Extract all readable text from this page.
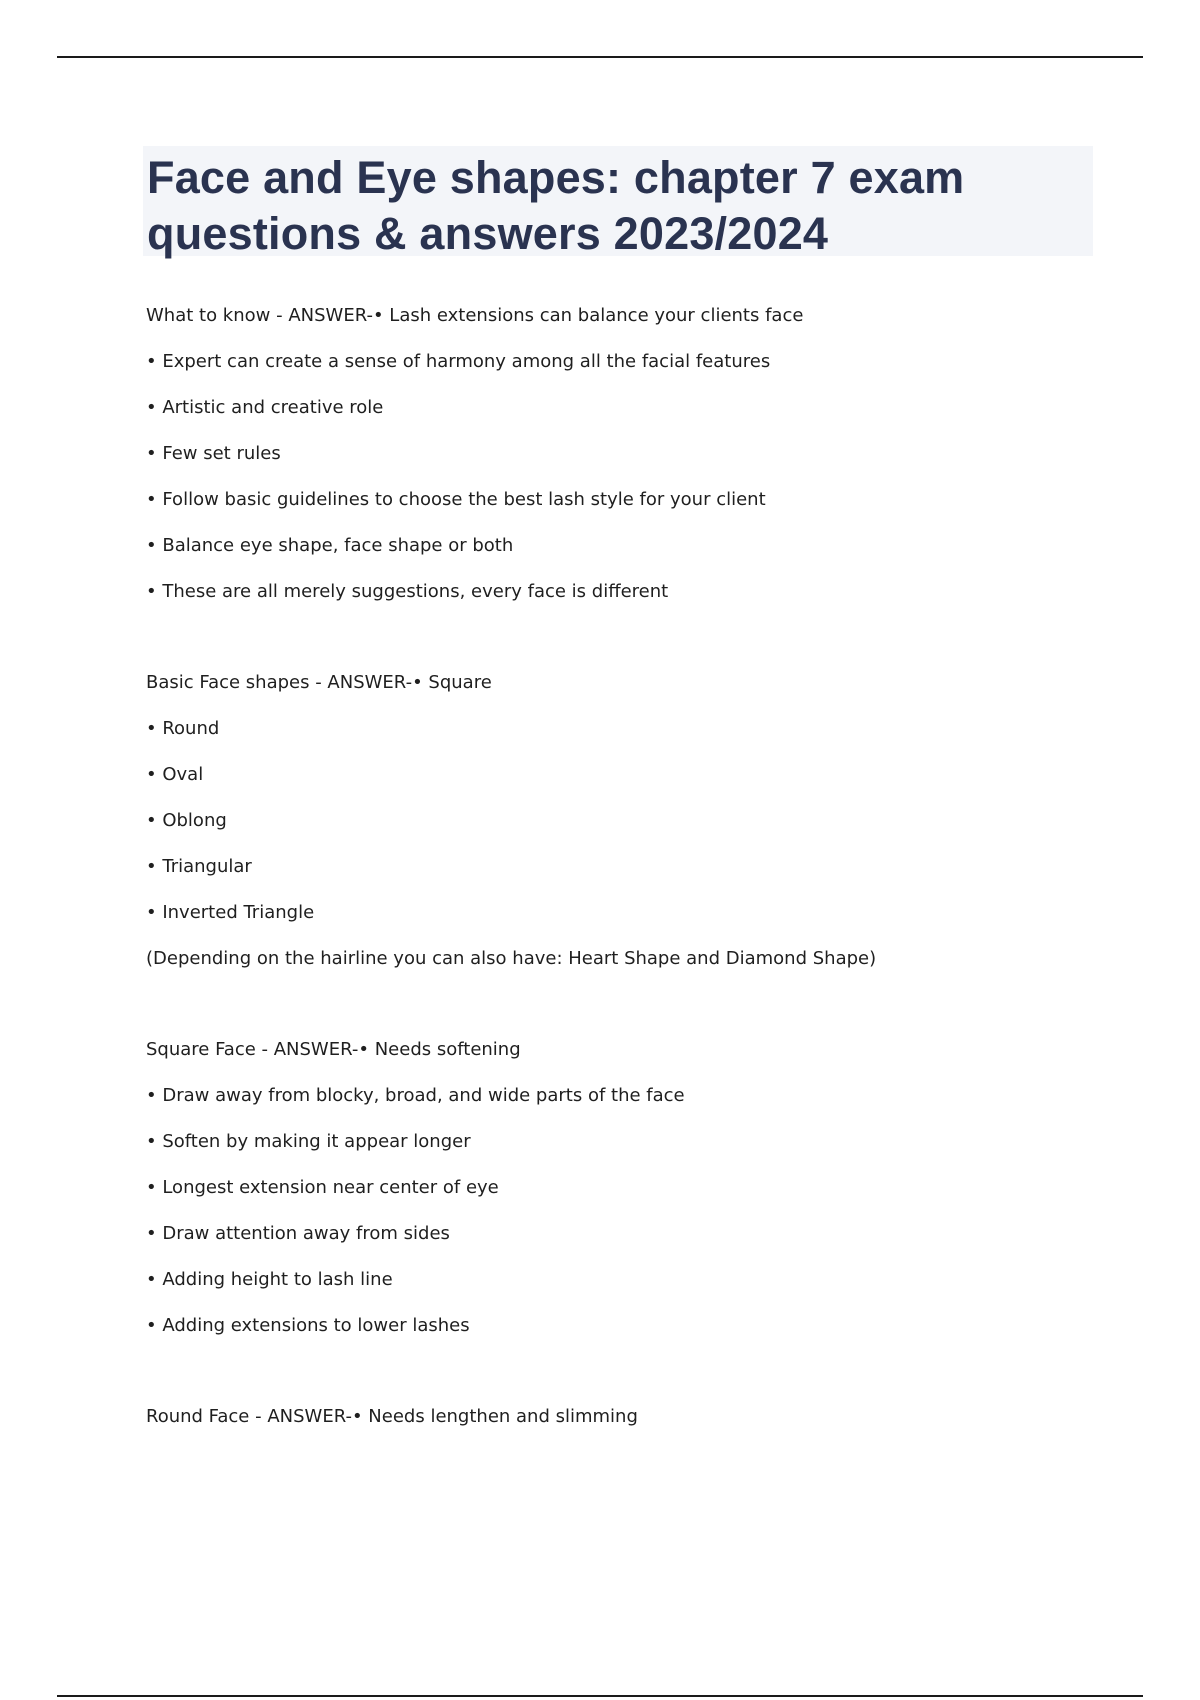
Face and Eye shapes: chapter 7 exam questions & answers 2023/2024
What to know - ANSWER-• Lash extensions can balance your clients face
• Expert can create a sense of harmony among all the facial features
• Artistic and creative role
• Few set rules
• Follow basic guidelines to choose the best lash style for your client
• Balance eye shape, face shape or both
• These are all merely suggestions, every face is different
Basic Face shapes - ANSWER-• Square
• Round
• Oval
• Oblong
• Triangular
• Inverted Triangle
(Depending on the hairline you can also have: Heart Shape and Diamond Shape)
Square Face - ANSWER-• Needs softening
• Draw away from blocky, broad, and wide parts of the face
• Soften by making it appear longer
• Longest extension near center of eye
• Draw attention away from sides
• Adding height to lash line
• Adding extensions to lower lashes
Round Face - ANSWER-• Needs lengthen and slimming
